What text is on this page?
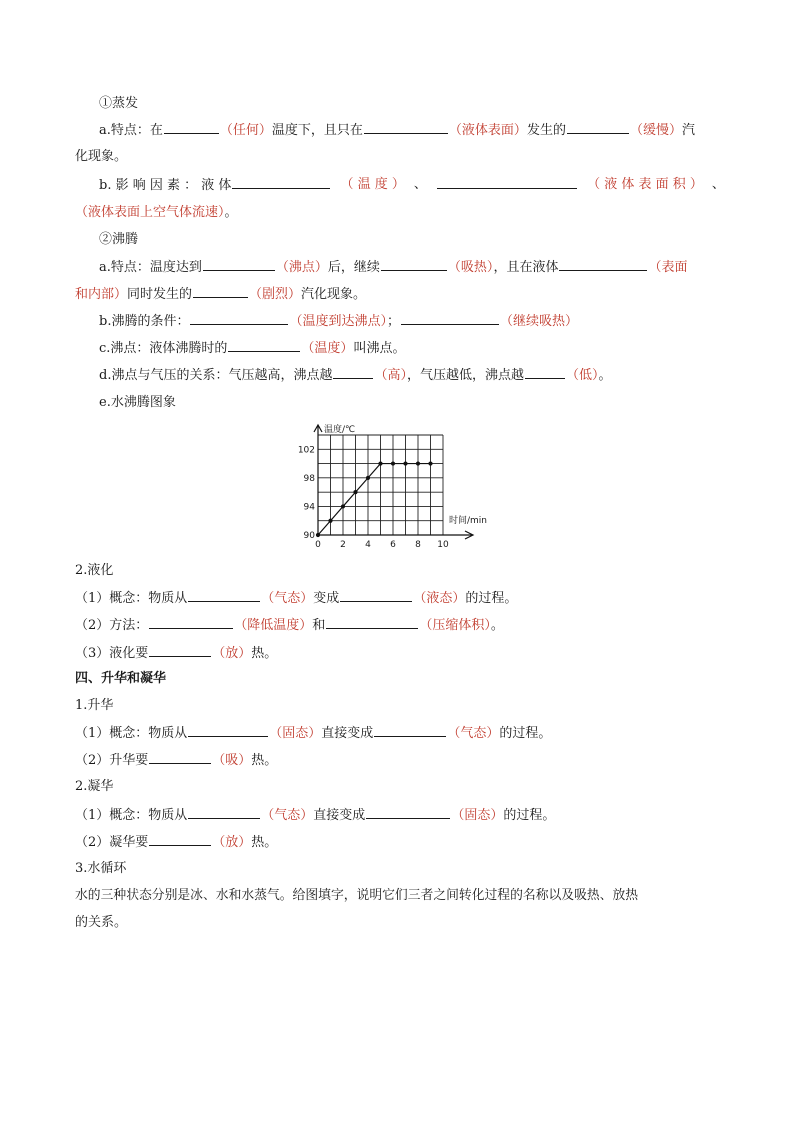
①蒸发
a.特点：在	（任何）温度下，且只在	（液体表面）发生的	（缓慢）汽
化现象。
b. 影 响 因 素 ： 液 体	（ 温 度 ） 、	（ 液 体 表 面 积 ） 、
（液体表面上空气体流速）。
②沸腾
a.特点：温度达到	（沸点）后，继续	（吸热），且在液体	（表面
和内部）同时发生的	（剧烈）汽化现象。
b.沸腾的条件：	（温度到达沸点）；	（继续吸热）
c.沸点：液体沸腾时的	（温度）叫沸点。
d.沸点与气压的关系：气压越高，沸点越	（高），气压越低，沸点越	（低）。
e.水沸腾图象
0 2 4 6 8 10
90
94
98
102
温度/℃
时间/min
2.液化
（1）概念：物质从	（气态）变成	（液态）的过程。
（2）方法：	（降低温度）和	（压缩体积）。
（3）液化要	（放）热。
四、升华和凝华
1.升华
（1）概念：物质从	（固态）直接变成	（气态）的过程。
（2）升华要	（吸）热。
2.凝华
（1）概念：物质从	（气态）直接变成	（固态）的过程。
（2）凝华要	（放）热。
3.水循环
水的三种状态分别是冰、水和水蒸气。给图填字，说明它们三者之间转化过程的名称以及吸热、放热
的关系。
